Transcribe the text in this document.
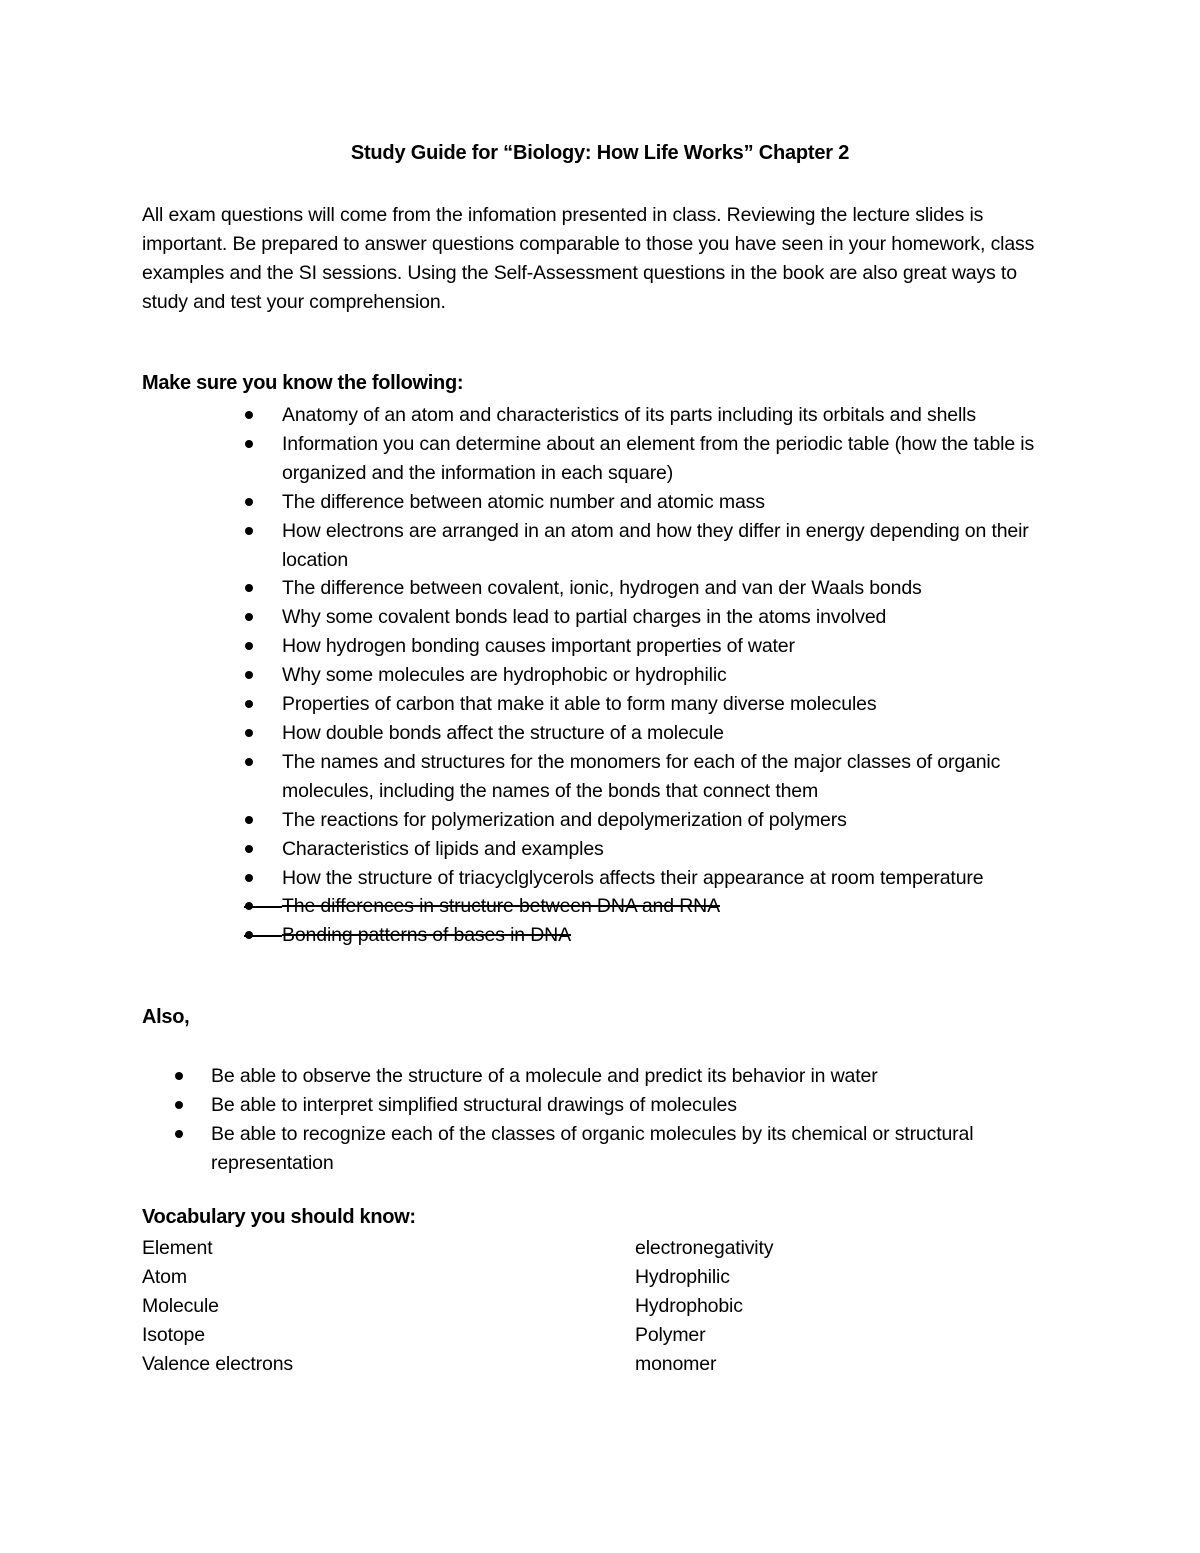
Study Guide for “Biology: How Life Works” Chapter 2
All exam questions will come from the infomation presented in class. Reviewing the lecture slides is important. Be prepared to answer questions comparable to those you have seen in your homework, class examples and the SI sessions. Using the Self-Assessment questions in the book are also great ways to study and test your comprehension.
Make sure you know the following:
Anatomy of an atom and characteristics of its parts including its orbitals and shells
Information you can determine about an element from the periodic table (how the table is organized and the information in each square)
The difference between atomic number and atomic mass
How electrons are arranged in an atom and how they differ in energy depending on their location
The difference between covalent, ionic, hydrogen and van der Waals bonds
Why some covalent bonds lead to partial charges in the atoms involved
How hydrogen bonding causes important properties of water
Why some molecules are hydrophobic or hydrophilic
Properties of carbon that make it able to form many diverse molecules
How double bonds affect the structure of a molecule
The names and structures for the monomers for each of the major classes of organic molecules, including the names of the bonds that connect them
The reactions for polymerization and depolymerization of polymers
Characteristics of lipids and examples
How the structure of triacyclglycerols affects their appearance at room temperature
The differences in structure between DNA and RNA
Bonding patterns of bases in DNA
Also,
Be able to observe the structure of a molecule and predict its behavior in water
Be able to interpret simplified structural drawings of molecules
Be able to recognize each of the classes of organic molecules by its chemical or structural representation
Vocabulary you should know:
Element
Atom
Molecule
Isotope
Valence electrons
electronegativity
Hydrophilic
Hydrophobic
Polymer
monomer
